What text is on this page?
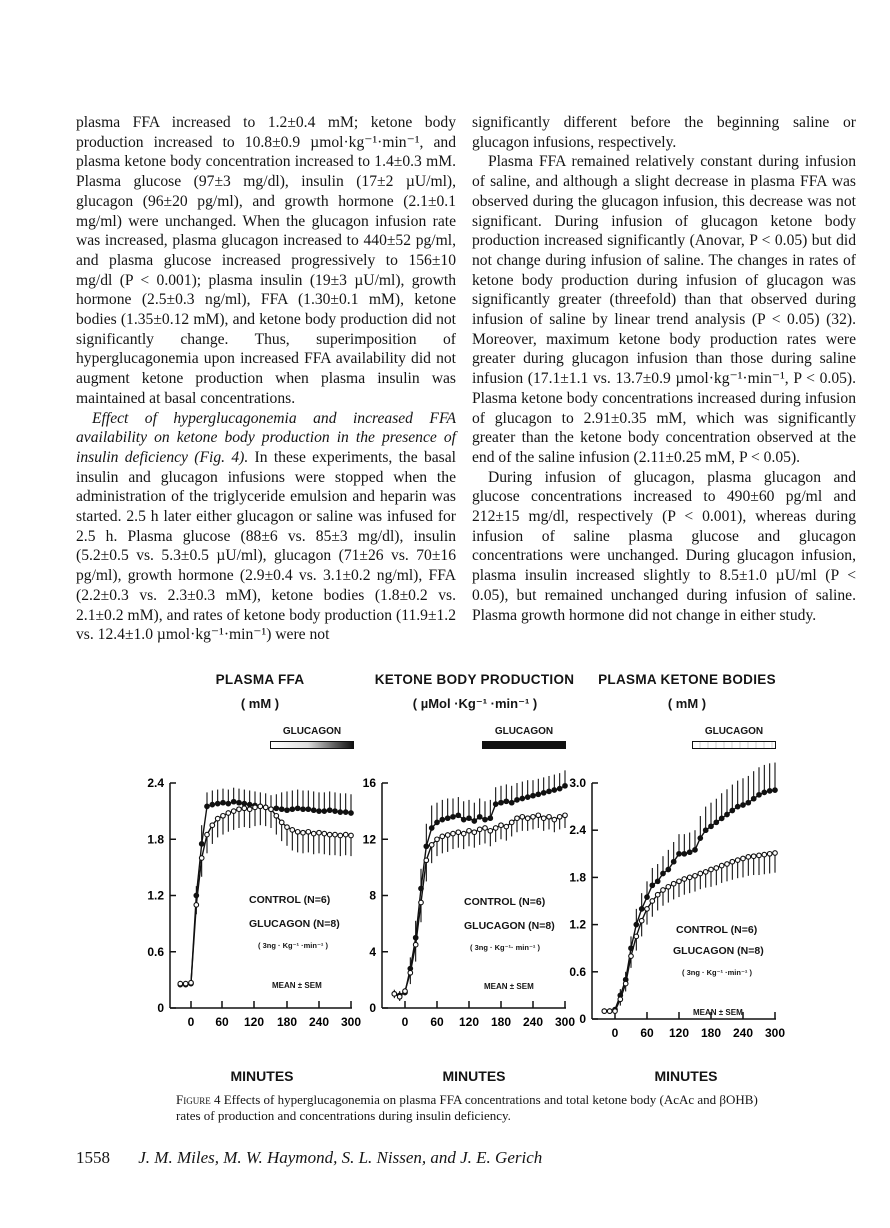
plasma FFA increased to 1.2±0.4 mM; ketone body production increased to 10.8±0.9 µmol·kg⁻¹·min⁻¹, and plasma ketone body concentration increased to 1.4±0.3 mM. Plasma glucose (97±3 mg/dl), insulin (17±2 µU/ml), glucagon (96±20 pg/ml), and growth hormone (2.1±0.1 mg/ml) were unchanged. When the glucagon infusion rate was increased, plasma glucagon increased to 440±52 pg/ml, and plasma glucose increased progressively to 156±10 mg/dl (P < 0.001); plasma insulin (19±3 µU/ml), growth hormone (2.5±0.3 ng/ml), FFA (1.30±0.1 mM), ketone bodies (1.35±0.12 mM), and ketone body production did not significantly change. Thus, superimposition of hyperglucagonemia upon increased FFA availability did not augment ketone production when plasma insulin was maintained at basal concentrations.

Effect of hyperglucagonemia and increased FFA availability on ketone body production in the presence of insulin deficiency (Fig. 4). In these experiments, the basal insulin and glucagon infusions were stopped when the administration of the triglyceride emulsion and heparin was started. 2.5 h later either glucagon or saline was infused for 2.5 h. Plasma glucose (88±6 vs. 85±3 mg/dl), insulin (5.2±0.5 vs. 5.3±0.5 µU/ml), glucagon (71±26 vs. 70±16 pg/ml), growth hormone (2.9±0.4 vs. 3.1±0.2 ng/ml), FFA (2.2±0.3 vs. 2.3±0.3 mM), ketone bodies (1.8±0.2 vs. 2.1±0.2 mM), and rates of ketone body production (11.9±1.2 vs. 12.4±1.0 µmol·kg⁻¹·min⁻¹) were not

significantly different before the beginning saline or glucagon infusions, respectively.

Plasma FFA remained relatively constant during infusion of saline, and although a slight decrease in plasma FFA was observed during the glucagon infusion, this decrease was not significant. During infusion of glucagon ketone body production increased significantly (Anovar, P < 0.05) but did not change during infusion of saline. The changes in rates of ketone body production during infusion of glucagon was significantly greater (threefold) than that observed during infusion of saline by linear trend analysis (P < 0.05) (32). Moreover, maximum ketone body production rates were greater during glucagon infusion than those during saline infusion (17.1±1.1 vs. 13.7±0.9 µmol·kg⁻¹·min⁻¹, P < 0.05). Plasma ketone body concentrations increased during infusion of glucagon to 2.91±0.35 mM, which was significantly greater than the ketone body concentration observed at the end of the saline infusion (2.11±0.25 mM, P < 0.05).

During infusion of glucagon, plasma glucagon and glucose concentrations increased to 490±60 pg/ml and 212±15 mg/dl, respectively (P < 0.001), whereas during infusion of saline plasma glucose and glucagon concentrations were unchanged. During glucagon infusion, plasma insulin increased slightly to 8.5±1.0 µU/ml (P < 0.05), but remained unchanged during infusion of saline. Plasma growth hormone did not change in either study.

PLASMA FFA
( mM )
GLUCAGON
KETONE BODY PRODUCTION
( µMol ·Kg⁻¹ ·min⁻¹ )
GLUCAGON
PLASMA KETONE BODIES
( mM )
GLUCAGON
0
0.6
1.2
1.8
2.4
0 60 120 180 240 300
0
4
8
12
16
0 60 120 180 240 300 0
0.6
1.2
1.8
2.4
3.0
0 60 120 180 240 300
CONTROL (N=6)
GLUCAGON (N=8)
( 3ng · Kg⁻¹ ·min⁻¹ )
MEAN ± SEM
CONTROL (N=6)
GLUCAGON (N=8)
( 3ng · Kg⁻¹· min⁻¹ )
MEAN ± SEM
CONTROL (N=6)
GLUCAGON (N=8)
( 3ng · Kg⁻¹ ·min⁻¹ )
MEAN ± SEM
MINUTES	MINUTES	MINUTES
Figure 4 Effects of hyperglucagonemia on plasma FFA concentrations and total ketone body (AcAc and βOHB) rates of production and concentrations during insulin deficiency.
1558 J. M. Miles, M. W. Haymond, S. L. Nissen, and J. E. Gerich
